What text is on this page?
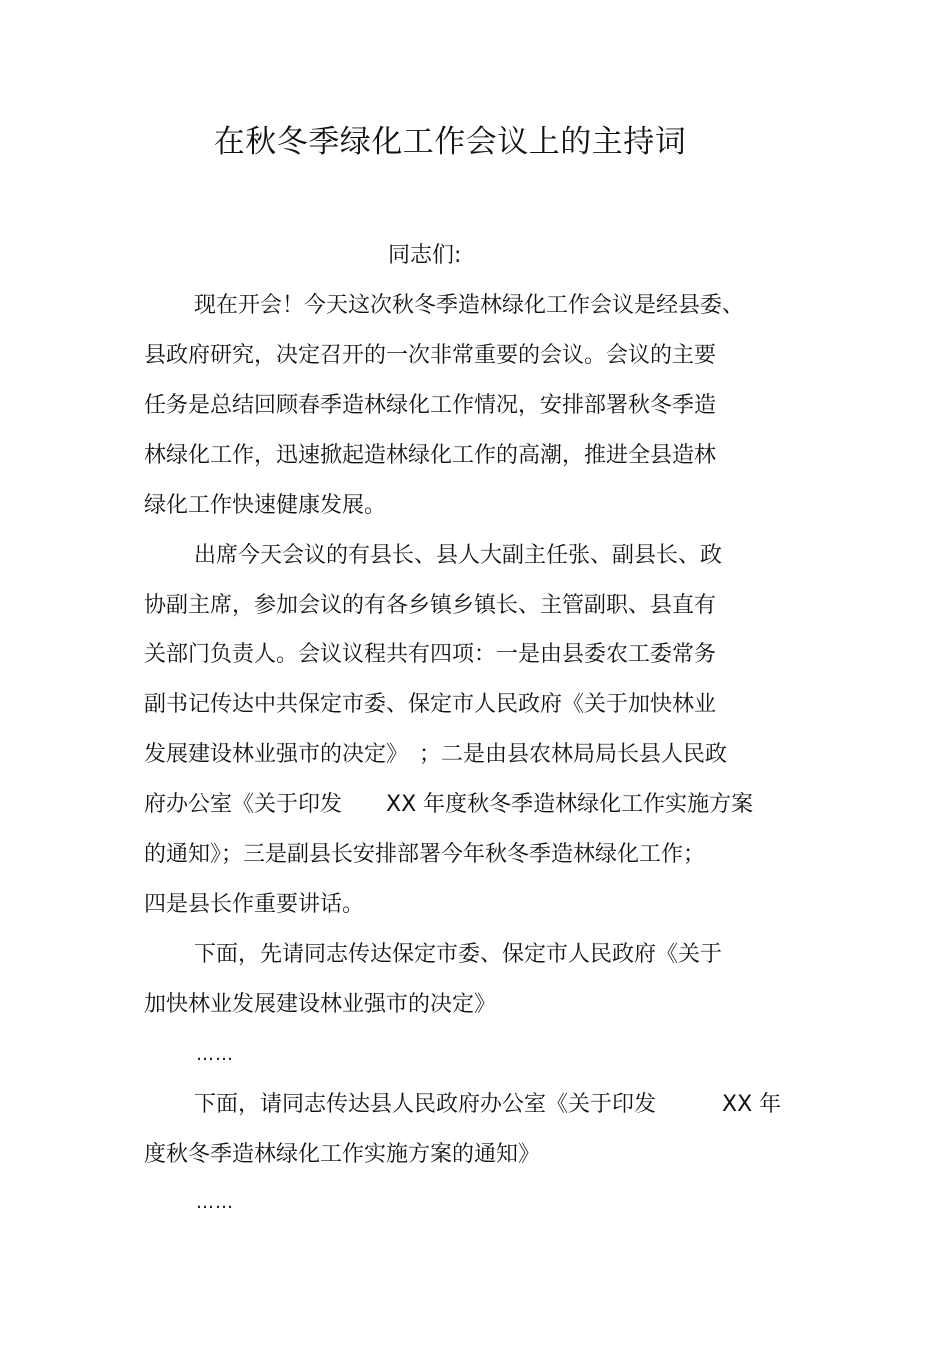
在秋冬季绿化工作会议上的主持词
同志们:
现在开会！今天这次秋冬季造林绿化工作会议是经县委、
县政府研究，决定召开的一次非常重要的会议。会议的主要
任务是总结回顾春季造林绿化工作情况，安排部署秋冬季造
林绿化工作，迅速掀起造林绿化工作的高潮，推进全县造林
绿化工作快速健康发展。
出席今天会议的有县长、县人大副主任张、副县长、政
协副主席，参加会议的有各乡镇乡镇长、主管副职、县直有
关部门负责人。会议议程共有四项：一是由县委农工委常务
副书记传达中共保定市委、保定市人民政府《关于加快林业
发展建设林业强市的决定》　；二是由县农林局局长县人民政
府办公室《关于印发　　XX 年度秋冬季造林绿化工作实施方案
的通知》；三是副县长安排部署今年秋冬季造林绿化工作；
四是县长作重要讲话。
下面，先请同志传达保定市委、保定市人民政府《关于
加快林业发展建设林业强市的决定》
……
下面，请同志传达县人民政府办公室《关于印发　　　XX 年
度秋冬季造林绿化工作实施方案的通知》
……
